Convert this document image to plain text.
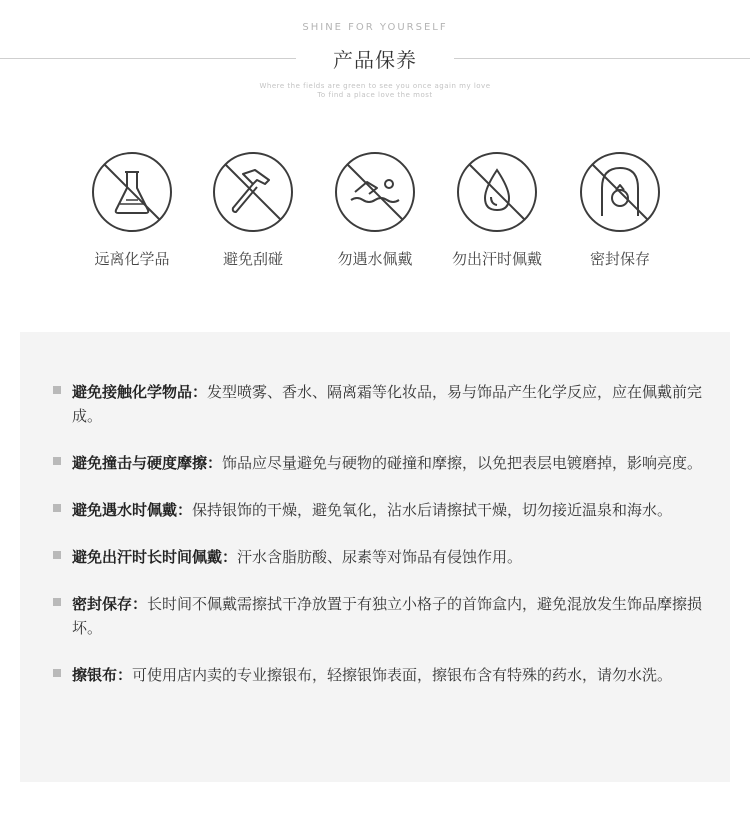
SHINE FOR YOURSELF
产品保养
Where the fields are green to see you once again my love
To find a place love the most
远离化学品	避免刮碰	勿遇水佩戴	勿出汗时佩戴	密封保存
避免接触化学物品：发型喷雾、香水、隔离霜等化妆品，易与饰品产生化学反应，应在佩戴前完成。
避免撞击与硬度摩擦：饰品应尽量避免与硬物的碰撞和摩擦，以免把表层电镀磨掉，影响亮度。
避免遇水时佩戴：保持银饰的干燥，避免氧化，沾水后请擦拭干燥，切勿接近温泉和海水。
避免出汗时长时间佩戴：汗水含脂肪酸、尿素等对饰品有侵蚀作用。
密封保存：长时间不佩戴需擦拭干净放置于有独立小格子的首饰盒内，避免混放发生饰品摩擦损坏。
擦银布：可使用店内卖的专业擦银布，轻擦银饰表面，擦银布含有特殊的药水，请勿水洗。
